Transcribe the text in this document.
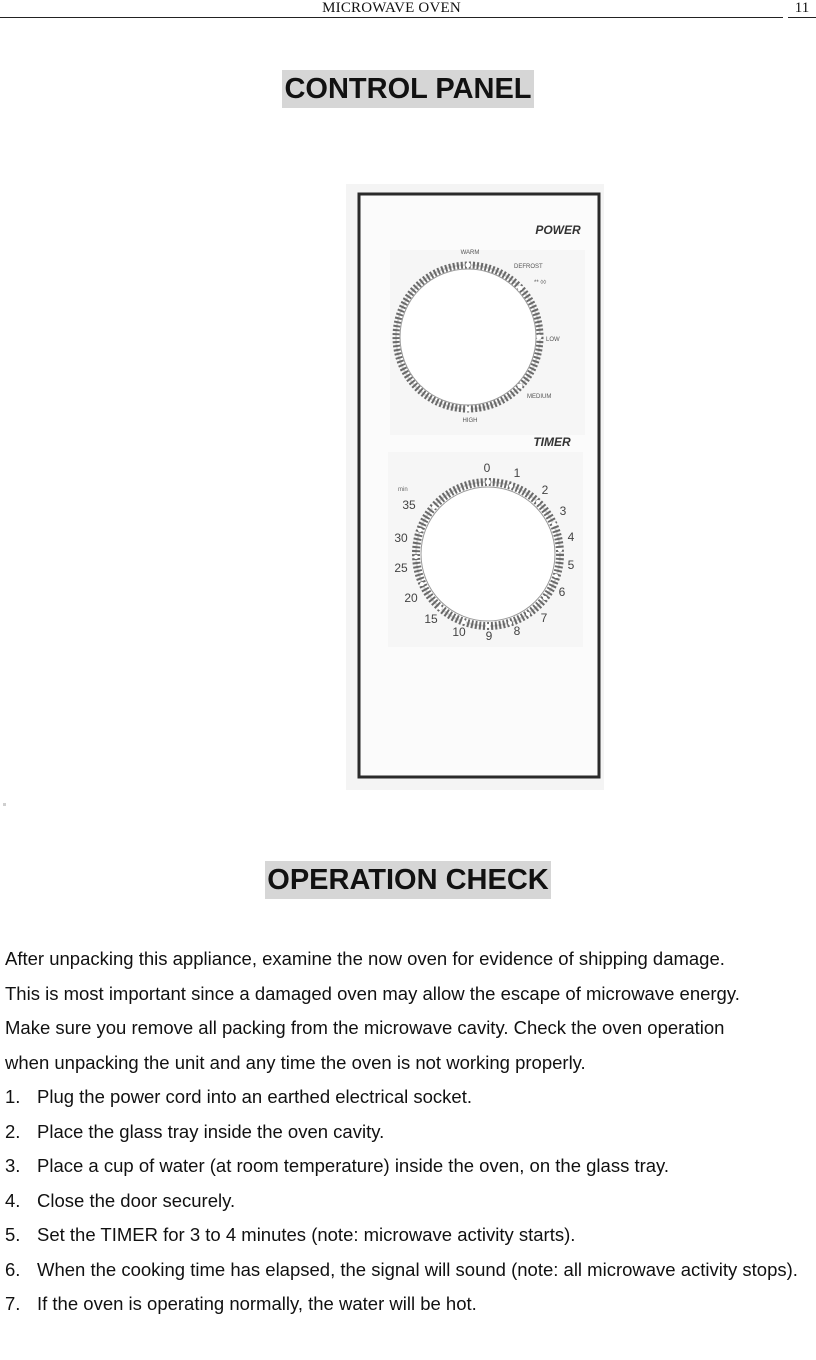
MICROWAVE OVEN	11
CONTROL PANEL
POWER
WARM
DEFROST
** ◊◊
LOW
MEDIUM
HIGH
TIMER
min
0 1
2
3
4
5
6
7
8
9
10
15
20
25
30
35
OPERATION CHECK

After unpacking this appliance, examine the now oven for evidence of shipping damage.

This is most important since a damaged oven may allow the escape of microwave energy.

Make sure you remove all packing from the microwave cavity. Check the oven operation

when unpacking the unit and any time the oven is not working properly.

1. Plug the power cord into an earthed electrical socket.
2. Place the glass tray inside the oven cavity.
3. Place a cup of water (at room temperature) inside the oven, on the glass tray.
4. Close the door securely.
5. Set the TIMER for 3 to 4 minutes (note: microwave activity starts).
6. When the cooking time has elapsed, the signal will sound (note: all microwave activity stops).
7. If the oven is operating normally, the water will be hot.
